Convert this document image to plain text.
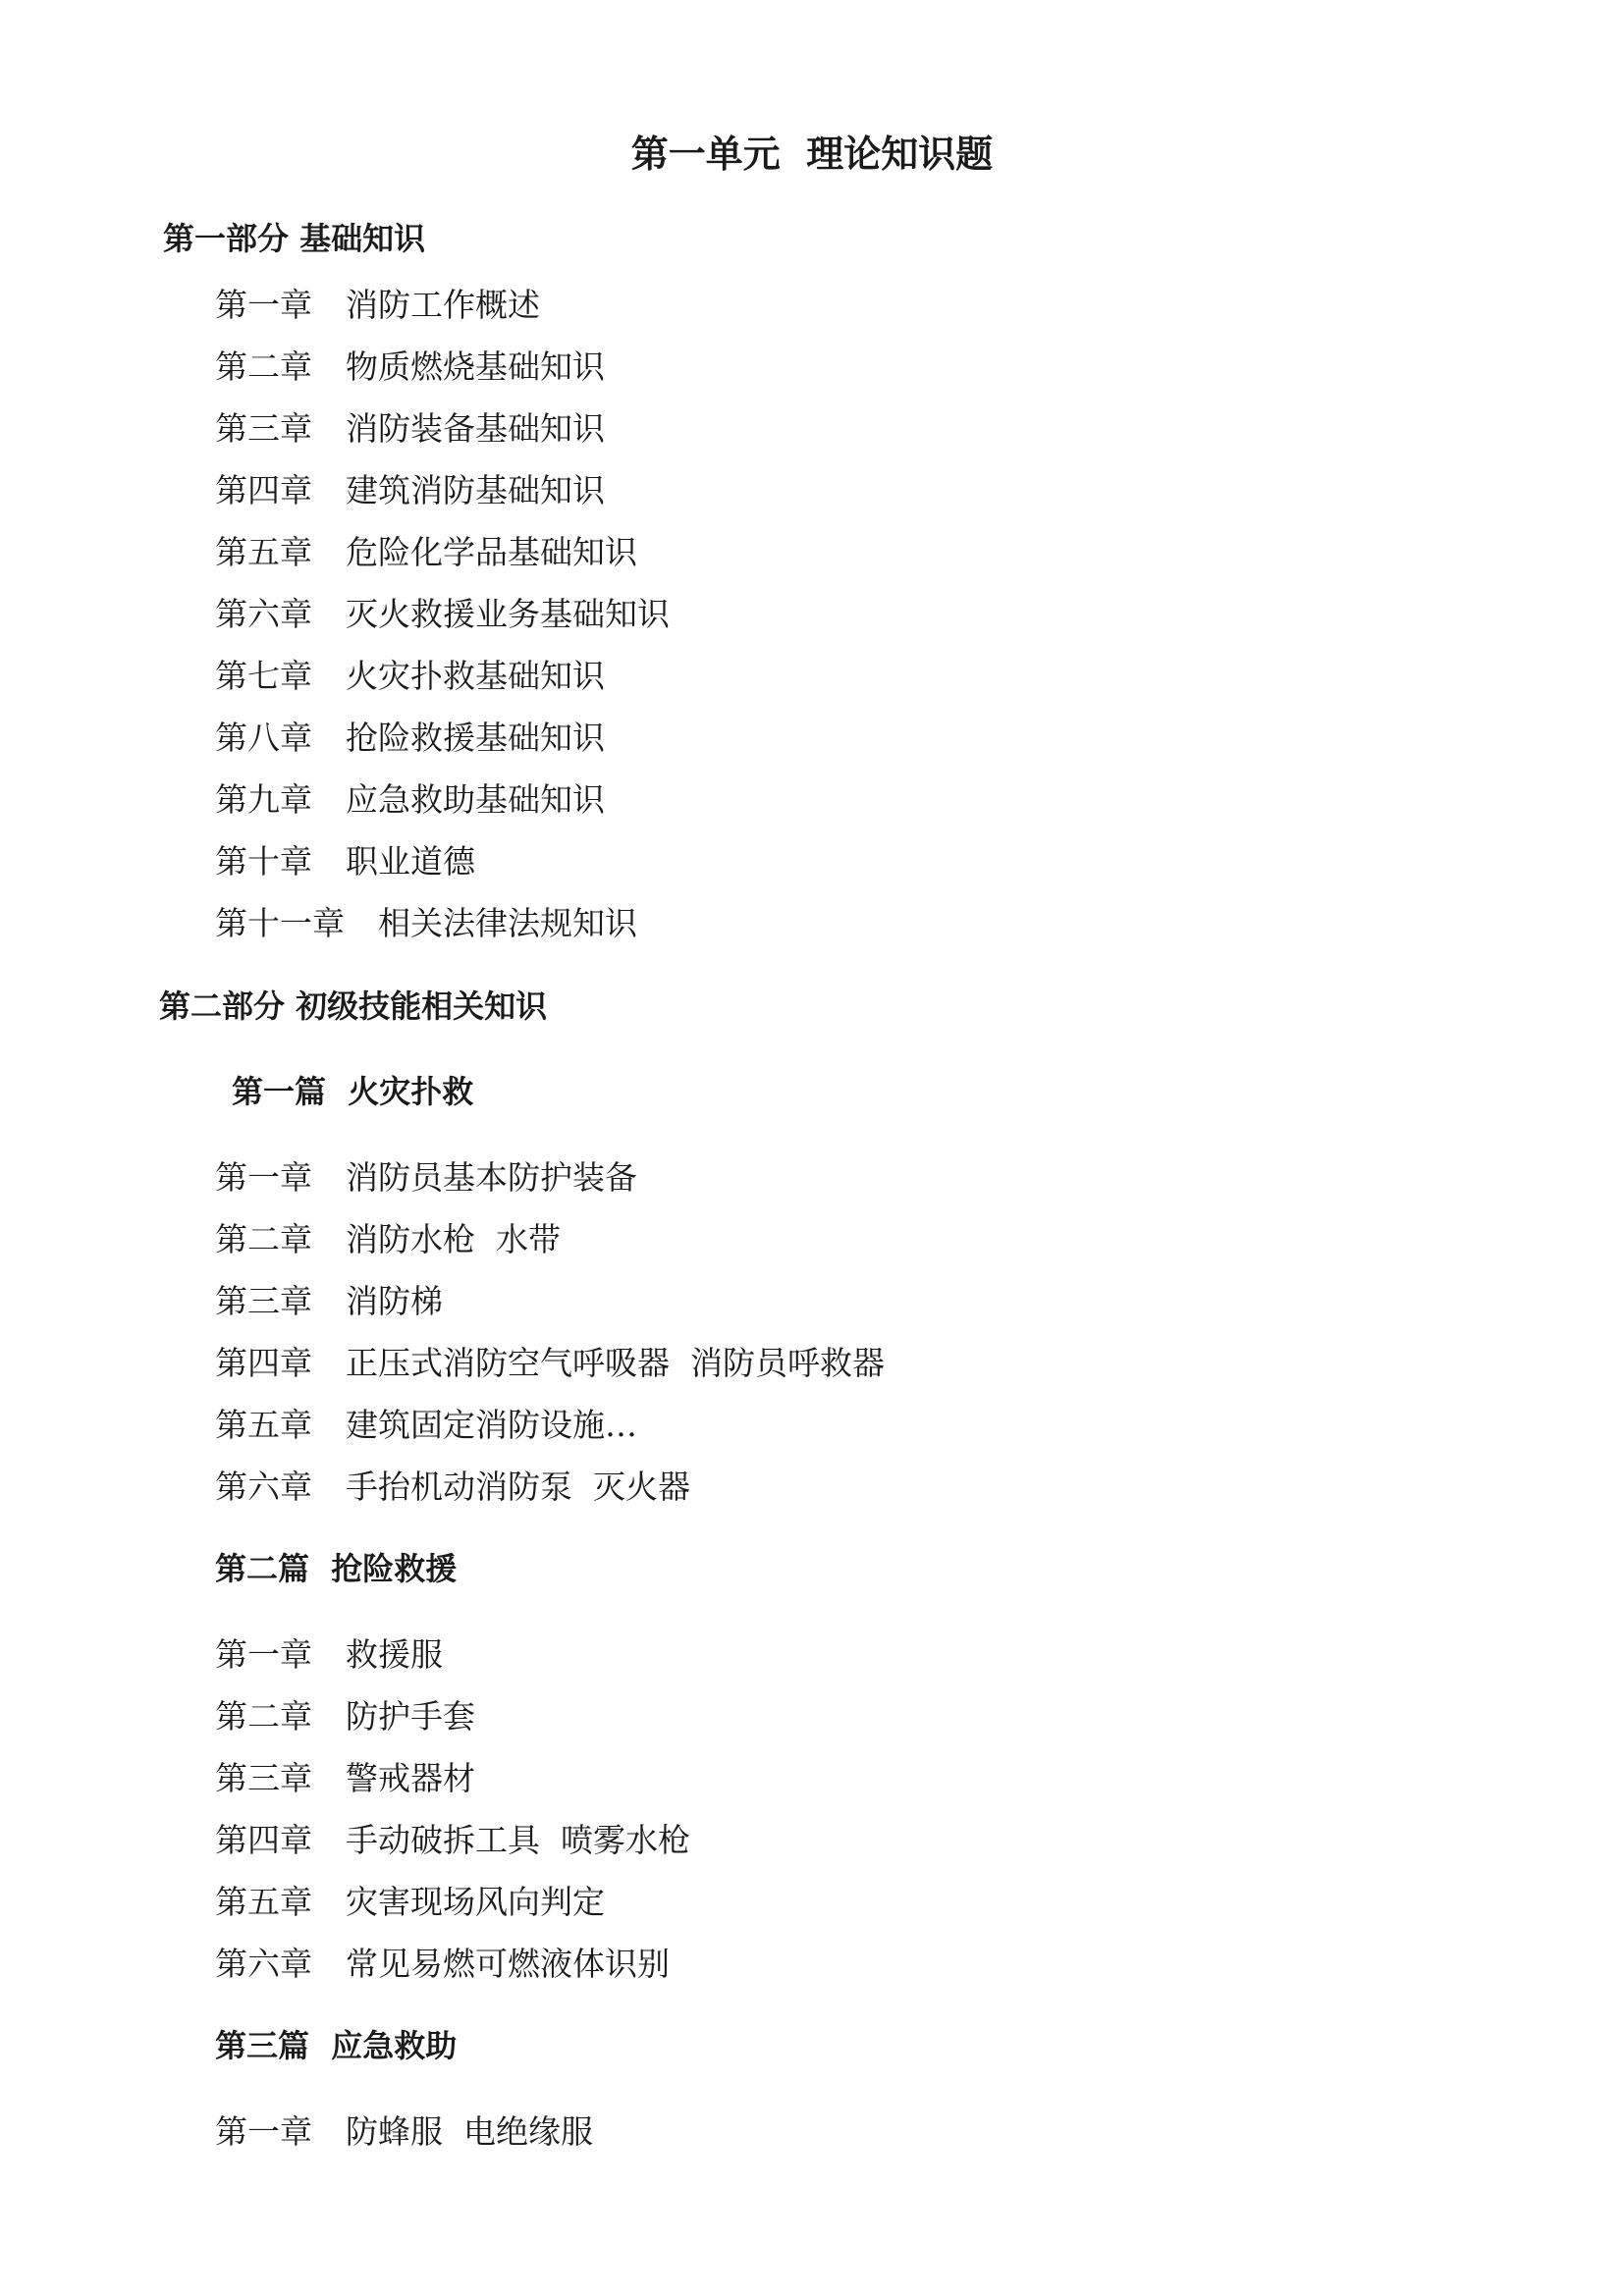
第一单元  理论知识题
第一部分 基础知识
第一章 消防工作概述
第二章 物质燃烧基础知识
第三章 消防装备基础知识
第四章 建筑消防基础知识
第五章 危险化学品基础知识
第六章 灭火救援业务基础知识
第七章 火灾扑救基础知识
第八章 抢险救援基础知识
第九章 应急救助基础知识
第十章 职业道德
第十一章 相关法律法规知识
第二部分 初级技能相关知识
第一篇  火灾扑救
第一章 消防员基本防护装备
第二章 消防水枪  水带
第三章 消防梯
第四章 正压式消防空气呼吸器  消防员呼救器
第五章 建筑固定消防设施…
第六章 手抬机动消防泵  灭火器
第二篇  抢险救援
第一章 救援服
第二章 防护手套
第三章 警戒器材
第四章 手动破拆工具  喷雾水枪
第五章 灾害现场风向判定
第六章 常见易燃可燃液体识别
第三篇  应急救助
第一章 防蜂服  电绝缘服
